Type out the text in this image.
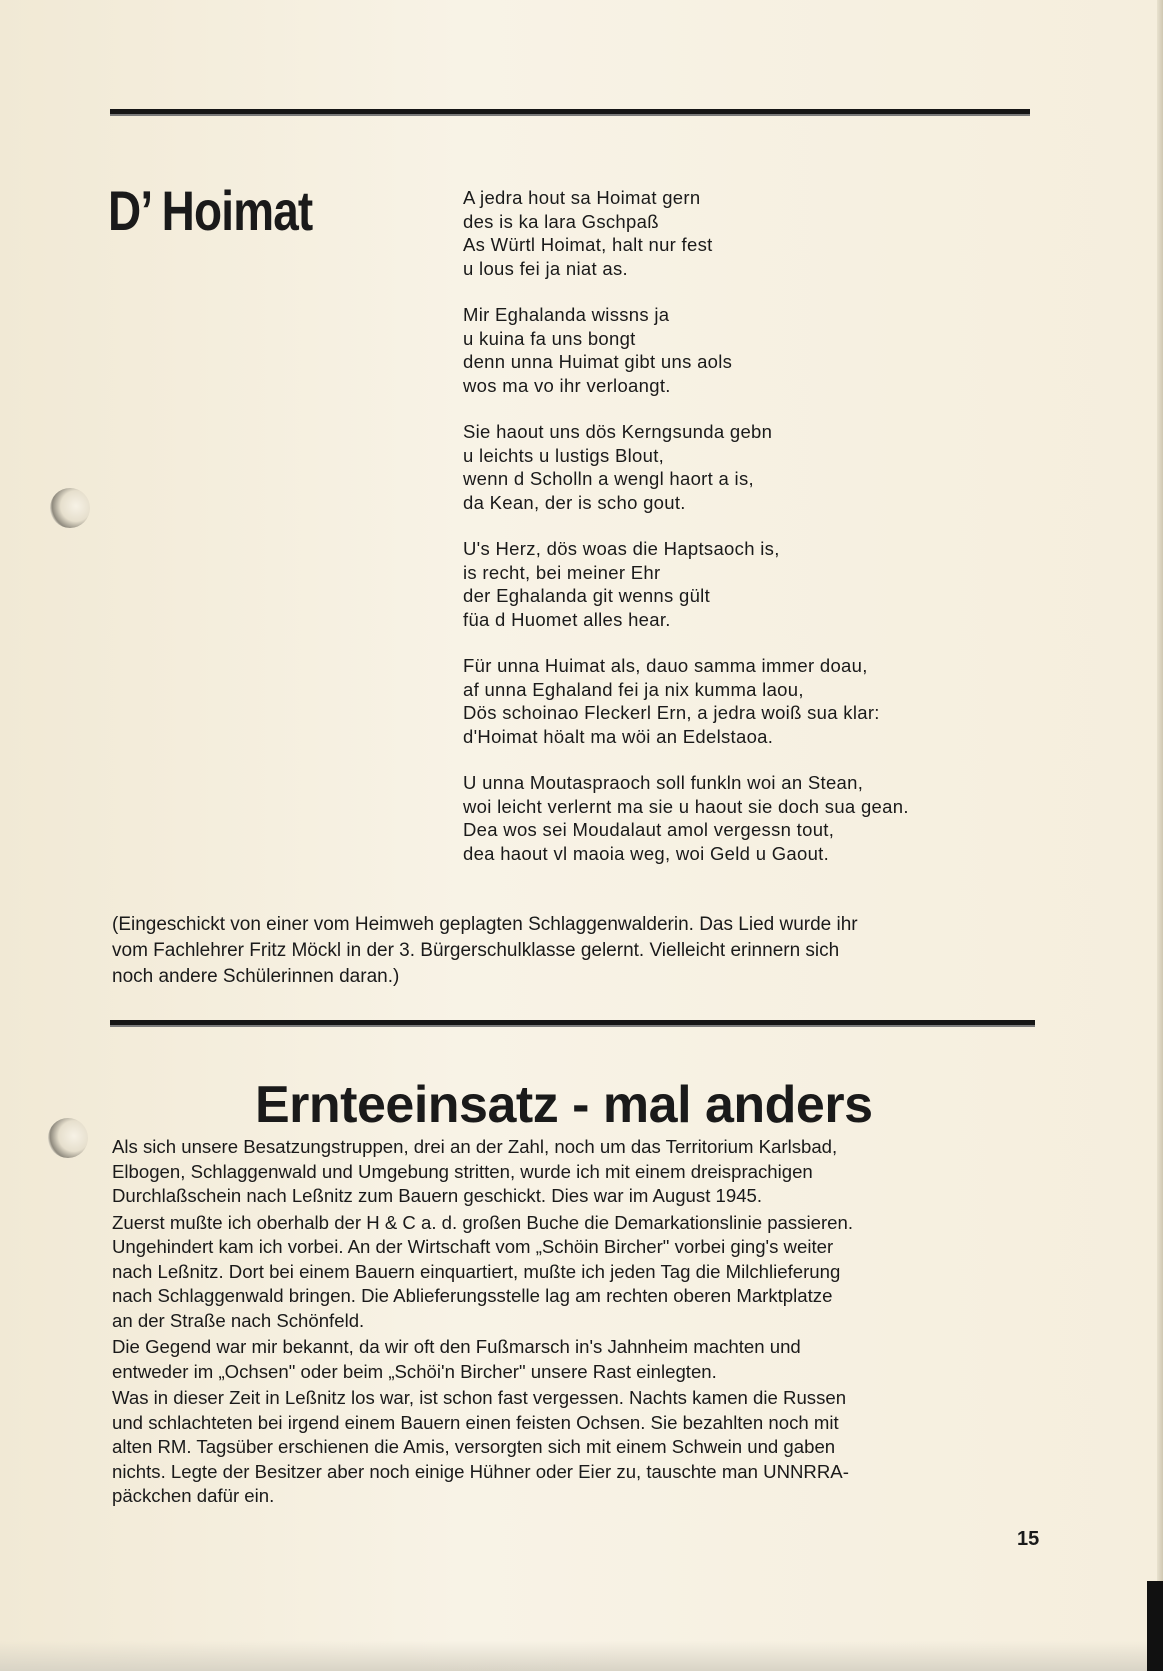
D’ Hoimat	A jedra hout sa Hoimat gern
des is ka lara Gschpaß
As Würtl Hoimat, halt nur fest
u lous fei ja niat as.
Mir Eghalanda wissns ja
u kuina fa uns bongt
denn unna Huimat gibt uns aols
wos ma vo ihr verloangt.
Sie haout uns dös Kerngsunda gebn
u leichts u lustigs Blout,
wenn d Scholln a wengl haort a is,
da Kean, der is scho gout.
U's Herz, dös woas die Haptsaoch is,
is recht, bei meiner Ehr
der Eghalanda git wenns gült
füa d Huomet alles hear.
Für unna Huimat als, dauo samma immer doau,
af unna Eghaland fei ja nix kumma laou,
Dös schoinao Fleckerl Ern, a jedra woiß sua klar:
d'Hoimat höalt ma wöi an Edelstaoa.
U unna Moutaspraoch soll funkln woi an Stean,
woi leicht verlernt ma sie u haout sie doch sua gean.
Dea wos sei Moudalaut amol vergessn tout,
dea haout vl maoia weg, woi Geld u Gaout.
(Eingeschickt von einer vom Heimweh geplagten Schlaggenwalderin. Das Lied wurde ihr
vom Fachlehrer Fritz Möckl in der 3. Bürgerschulklasse gelernt. Vielleicht erinnern sich
noch andere Schülerinnen daran.)
Ernteeinsatz - mal anders

Als sich unsere Besatzungstruppen, drei an der Zahl, noch um das Territorium Karlsbad,
Elbogen, Schlaggenwald und Umgebung stritten, wurde ich mit einem dreisprachigen
Durchlaßschein nach Leßnitz zum Bauern geschickt. Dies war im August 1945.

Zuerst mußte ich oberhalb der H & C a. d. großen Buche die Demarkationslinie passieren.
Ungehindert kam ich vorbei. An der Wirtschaft vom „Schöin Bircher" vorbei ging's weiter
nach Leßnitz. Dort bei einem Bauern einquartiert, mußte ich jeden Tag die Milchlieferung
nach Schlaggenwald bringen. Die Ablieferungsstelle lag am rechten oberen Marktplatze
an der Straße nach Schönfeld.

Die Gegend war mir bekannt, da wir oft den Fußmarsch in's Jahnheim machten und
entweder im „Ochsen" oder beim „Schöi'n Bircher" unsere Rast einlegten.

Was in dieser Zeit in Leßnitz los war, ist schon fast vergessen. Nachts kamen die Russen
und schlachteten bei irgend einem Bauern einen feisten Ochsen. Sie bezahlten noch mit
alten RM. Tagsüber erschienen die Amis, versorgten sich mit einem Schwein und gaben
nichts. Legte der Besitzer aber noch einige Hühner oder Eier zu, tauschte man UNNRRA-
päckchen dafür ein.

15
